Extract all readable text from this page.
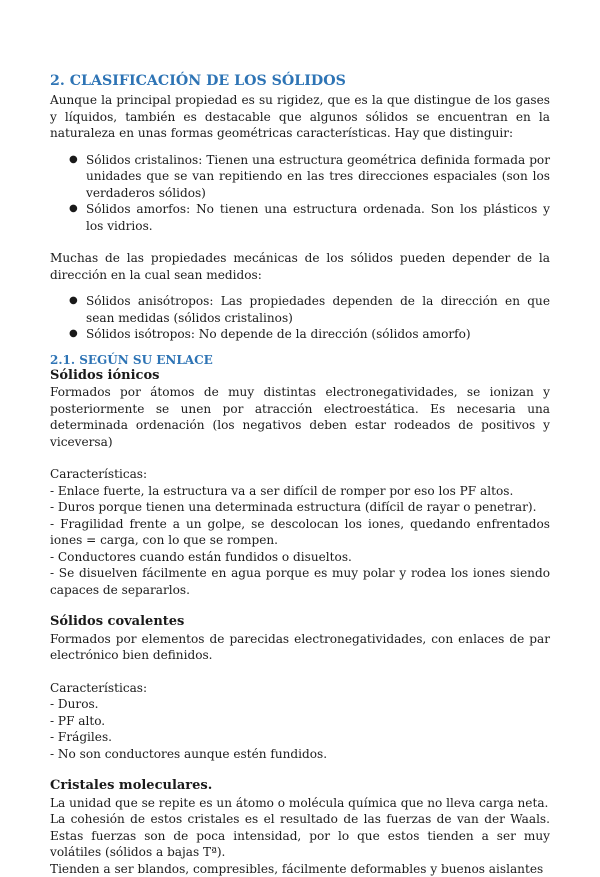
2. CLASIFICACIÓN DE LOS SÓLIDOS

Aunque la principal propiedad es su rigidez, que es la que distingue de los gases y líquidos, también es destacable que algunos sólidos se encuentran en la naturaleza en unas formas geométricas características. Hay que distinguir:

● Sólidos cristalinos: Tienen una estructura geométrica definida formada por unidades que se van repitiendo en las tres direcciones espaciales (son los verdaderos sólidos)
● Sólidos amorfos: No tienen una estructura ordenada. Son los plásticos y los vidrios.

Muchas de las propiedades mecánicas de los sólidos pueden depender de la dirección en la cual sean medidos:

● Sólidos anisótropos: Las propiedades dependen de la dirección en que sean medidas (sólidos cristalinos)
● Sólidos isótropos: No depende de la dirección (sólidos amorfo)
2.1. SEGÚN SU ENLACE
Sólidos iónicos

Formados por átomos de muy distintas electronegatividades, se ionizan y posteriormente se unen por atracción electroestática. Es necesaria una determinada ordenación (los negativos deben estar rodeados de positivos y viceversa)

Características:

- Enlace fuerte, la estructura va a ser difícil de romper por eso los PF altos.

- Duros porque tienen una determinada estructura (difícil de rayar o penetrar).

- Fragilidad frente a un golpe, se descolocan los iones, quedando enfrentados iones = carga, con lo que se rompen.

- Conductores cuando están fundidos o disueltos.

- Se disuelven fácilmente en agua porque es muy polar y rodea los iones siendo capaces de separarlos.

Sólidos covalentes

Formados por elementos de parecidas electronegatividades, con enlaces de par electrónico bien definidos.

Características:

- Duros.

- PF alto.

- Frágiles.

- No son conductores aunque estén fundidos.

Cristales moleculares.

La unidad que se repite es un átomo o molécula química que no lleva carga neta.

La cohesión de estos cristales es el resultado de las fuerzas de van der Waals. Estas fuerzas son de poca intensidad, por lo que estos tienden a ser muy volátiles (sólidos a bajas Tª).

Tienden a ser blandos, compresibles, fácilmente deformables y buenos aislantes
